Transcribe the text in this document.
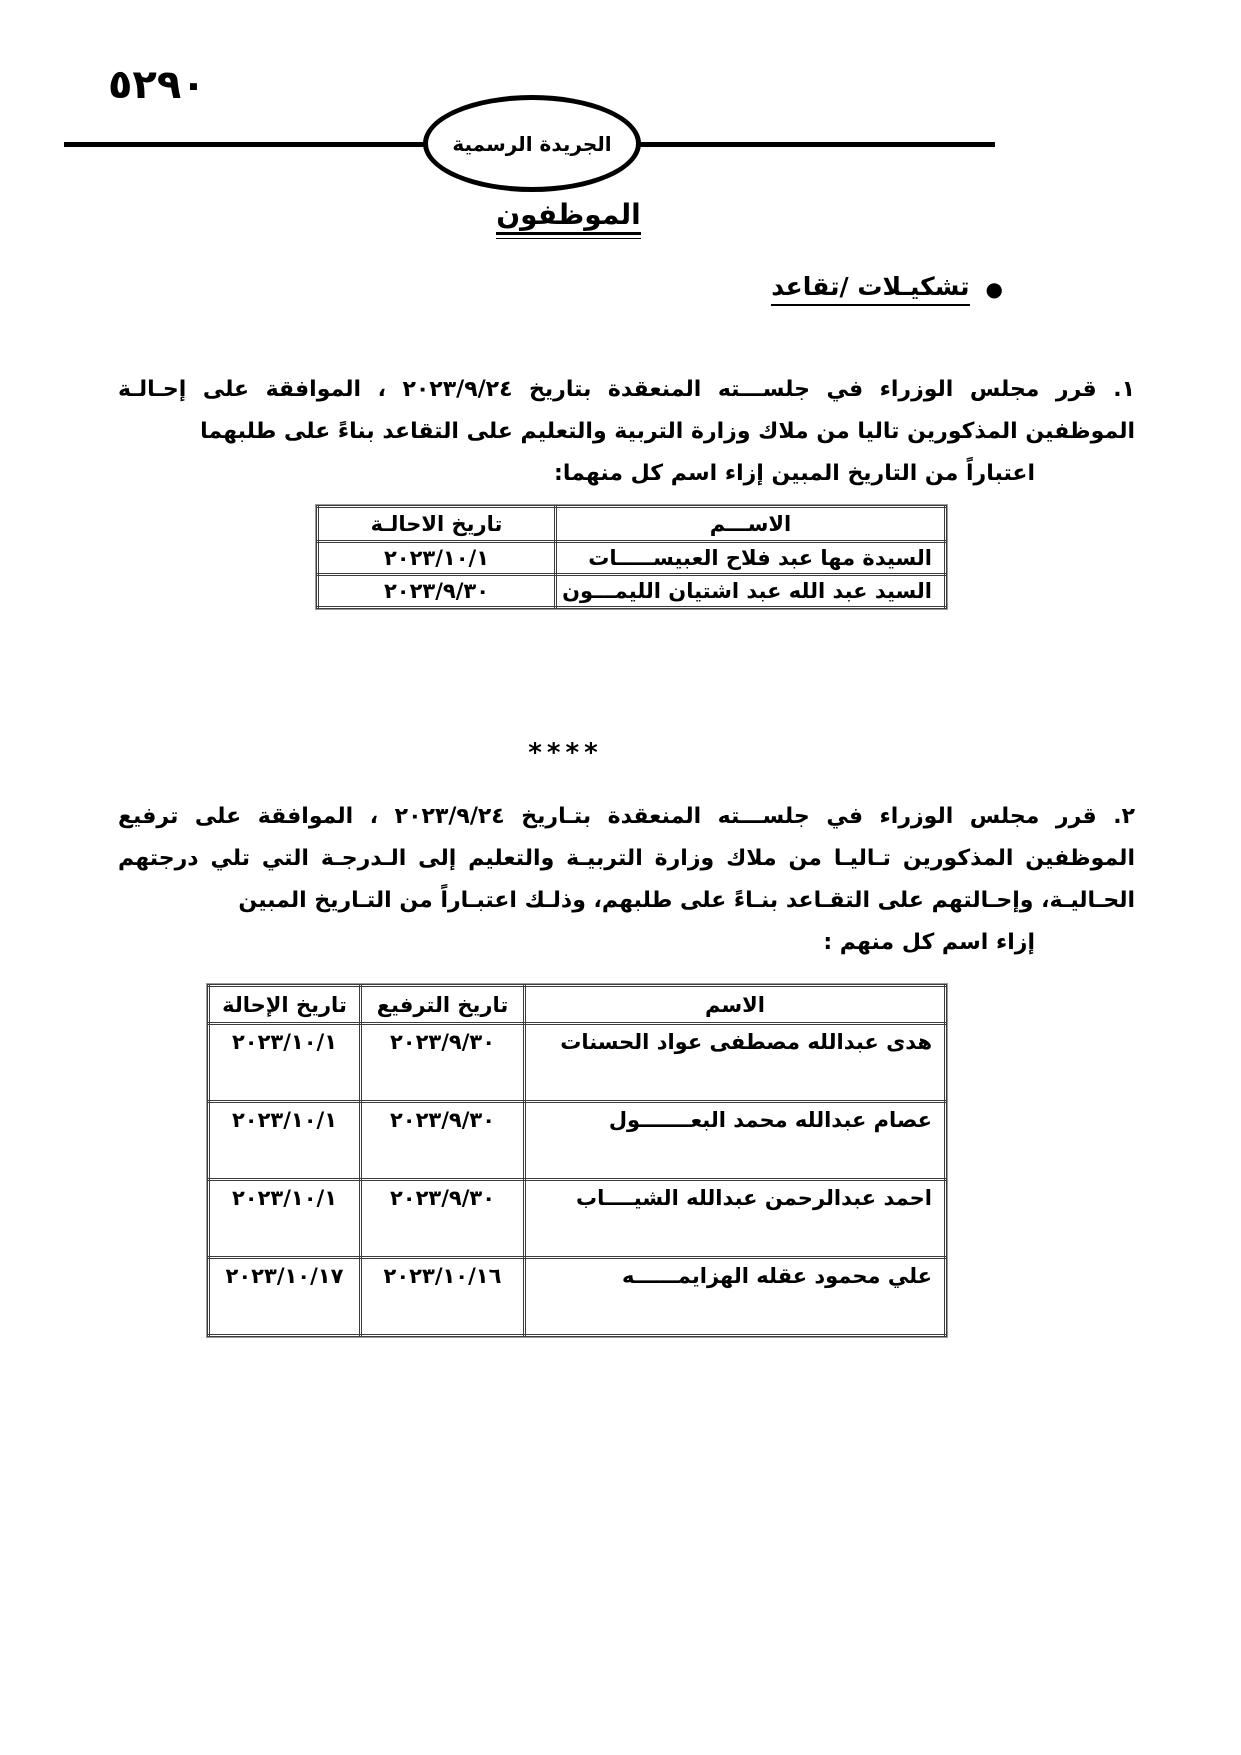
٥٢٩٠
الجريدة الرسمية
الموظفون
●
تشكيـلات /تقاعد
١. قرر مجلس الوزراء في جلســـته المنعقدة بتاريخ ٢٠٢٣/٩/٢٤ ، الموافقة على إحـالـة الموظفين المذكورين تاليا من ملاك وزارة التربية والتعليم على التقاعد بناءً على طلبهما
اعتباراً من التاريخ المبين إزاء اسم كل منهما:
الاســـم	تاريخ الاحالـة
السيدة مها عبد فلاح العبيســـــات	٢٠٢٣/١٠/١
السيد عبد الله عبد اشتيان الليمـــون	٢٠٢٣/٩/٣٠
****
٢. قرر مجلس الوزراء في جلســـته المنعقدة بتـاريخ ٢٠٢٣/٩/٢٤ ، الموافقة على ترفيع الموظفين المذكورين تـاليـا من ملاك وزارة التربيـة والتعليم إلى الـدرجـة التي تلي درجتهم الحـاليـة، وإحـالتهم على التقـاعد بنـاءً على طلبهم، وذلـك اعتبـاراً من التـاريخ المبين
إزاء اسم كل منهم :
الاسم	تاريخ الترفيع	تاريخ الإحالة
هدى عبدالله مصطفى عواد الحسنات	٢٠٢٣/٩/٣٠	٢٠٢٣/١٠/١
عصام عبدالله محمد البعـــــــول	٢٠٢٣/٩/٣٠	٢٠٢٣/١٠/١
احمد عبدالرحمن عبدالله الشيــــاب	٢٠٢٣/٩/٣٠	٢٠٢٣/١٠/١
علي محمود عقله الهزايمــــــه	٢٠٢٣/١٠/١٦	٢٠٢٣/١٠/١٧
